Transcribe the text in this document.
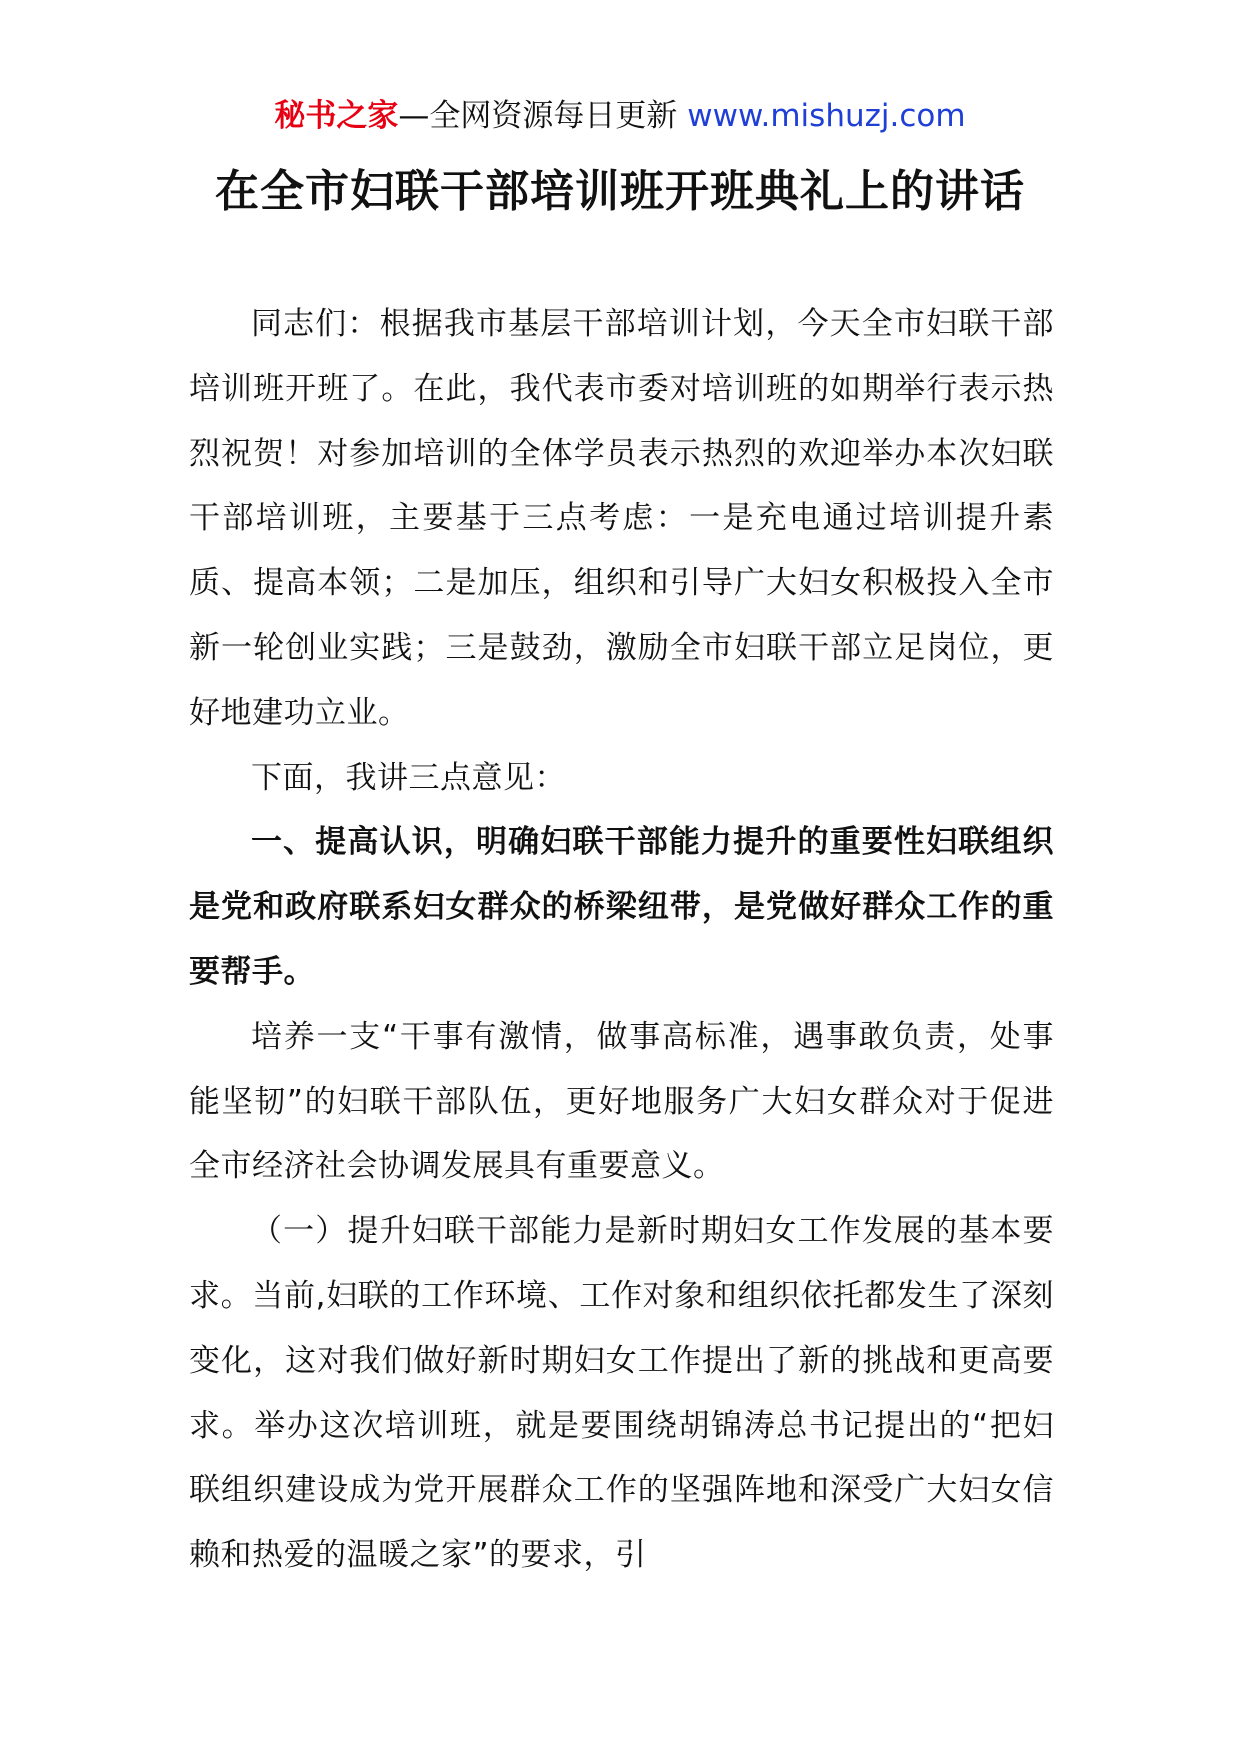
秘书之家—全网资源每日更新 www.mishuzj.com
在全市妇联干部培训班开班典礼上的讲话

同志们：根据我市基层干部培训计划，今天全市妇联干部培训班开班了。在此，我代表市委对培训班的如期举行表示热烈祝贺！对参加培训的全体学员表示热烈的欢迎举办本次妇联干部培训班，主要基于三点考虑：一是充电通过培训提升素质、提高本领；二是加压，组织和引导广大妇女积极投入全市新一轮创业实践；三是鼓劲，激励全市妇联干部立足岗位，更好地建功立业。

下面，我讲三点意见：

一、提高认识，明确妇联干部能力提升的重要性妇联组织是党和政府联系妇女群众的桥梁纽带，是党做好群众工作的重要帮手。

培养一支“干事有激情，做事高标准，遇事敢负责，处事能坚韧”的妇联干部队伍，更好地服务广大妇女群众对于促进全市经济社会协调发展具有重要意义。

（一）提升妇联干部能力是新时期妇女工作发展的基本要求。当前,妇联的工作环境、工作对象和组织依托都发生了深刻变化，这对我们做好新时期妇女工作提出了新的挑战和更高要求。举办这次培训班，就是要围绕胡锦涛总书记提出的“把妇联组织建设成为党开展群众工作的坚强阵地和深受广大妇女信赖和热爱的温暖之家”的要求，引
